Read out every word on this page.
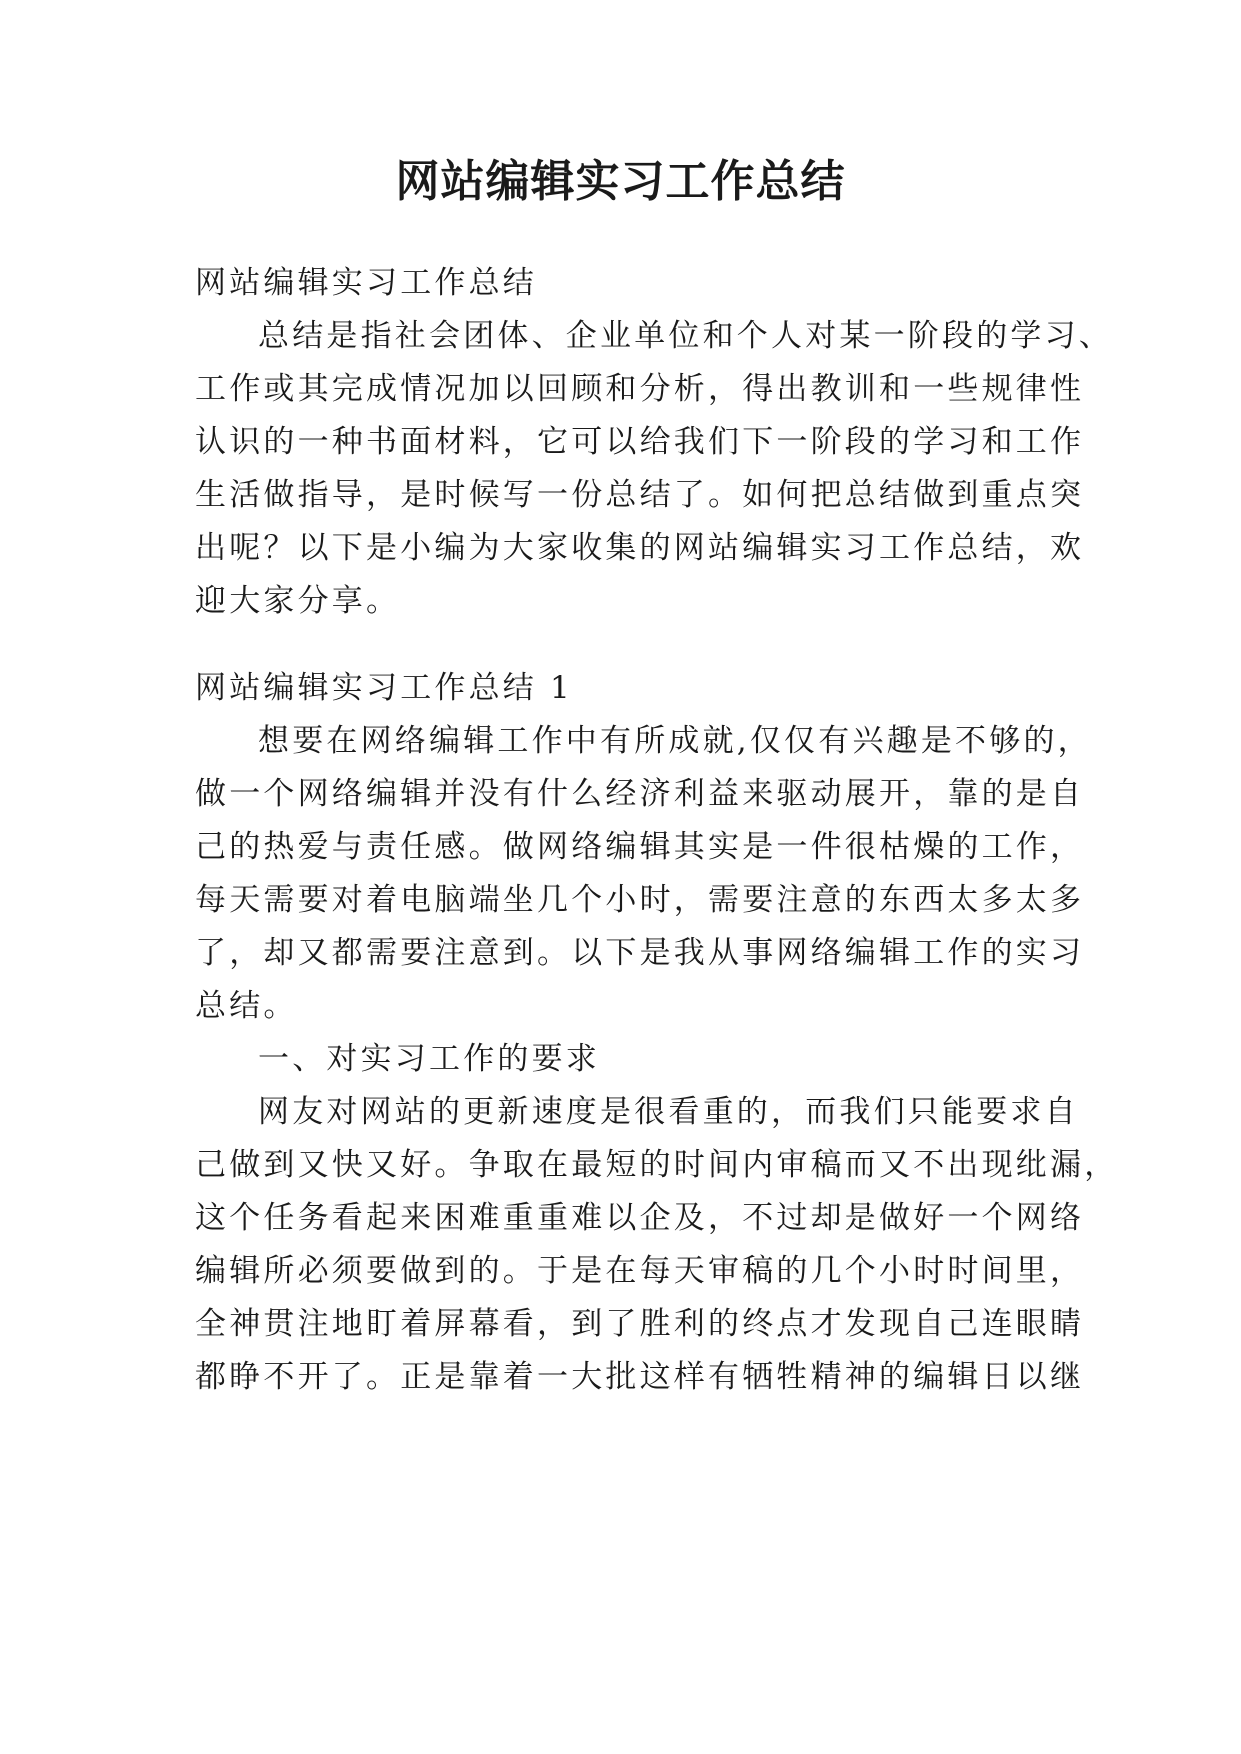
网站编辑实习工作总结

网站编辑实习工作总结

总结是指社会团体、企业单位和个人对某一阶段的学习、

工作或其完成情况加以回顾和分析，得出教训和一些规律性

认识的一种书面材料，它可以给我们下一阶段的学习和工作

生活做指导，是时候写一份总结了。如何把总结做到重点突

出呢？以下是小编为大家收集的网站编辑实习工作总结，欢

迎大家分享。

网站编辑实习工作总结 1

想要在网络编辑工作中有所成就,仅仅有兴趣是不够的，

做一个网络编辑并没有什么经济利益来驱动展开，靠的是自

己的热爱与责任感。做网络编辑其实是一件很枯燥的工作，

每天需要对着电脑端坐几个小时，需要注意的东西太多太多

了，却又都需要注意到。以下是我从事网络编辑工作的实习

总结。

一、对实习工作的要求

网友对网站的更新速度是很看重的，而我们只能要求自

己做到又快又好。争取在最短的时间内审稿而又不出现纰漏，

这个任务看起来困难重重难以企及，不过却是做好一个网络

编辑所必须要做到的。于是在每天审稿的几个小时时间里，

全神贯注地盯着屏幕看，到了胜利的终点才发现自己连眼睛

都睁不开了。正是靠着一大批这样有牺牲精神的编辑日以继
